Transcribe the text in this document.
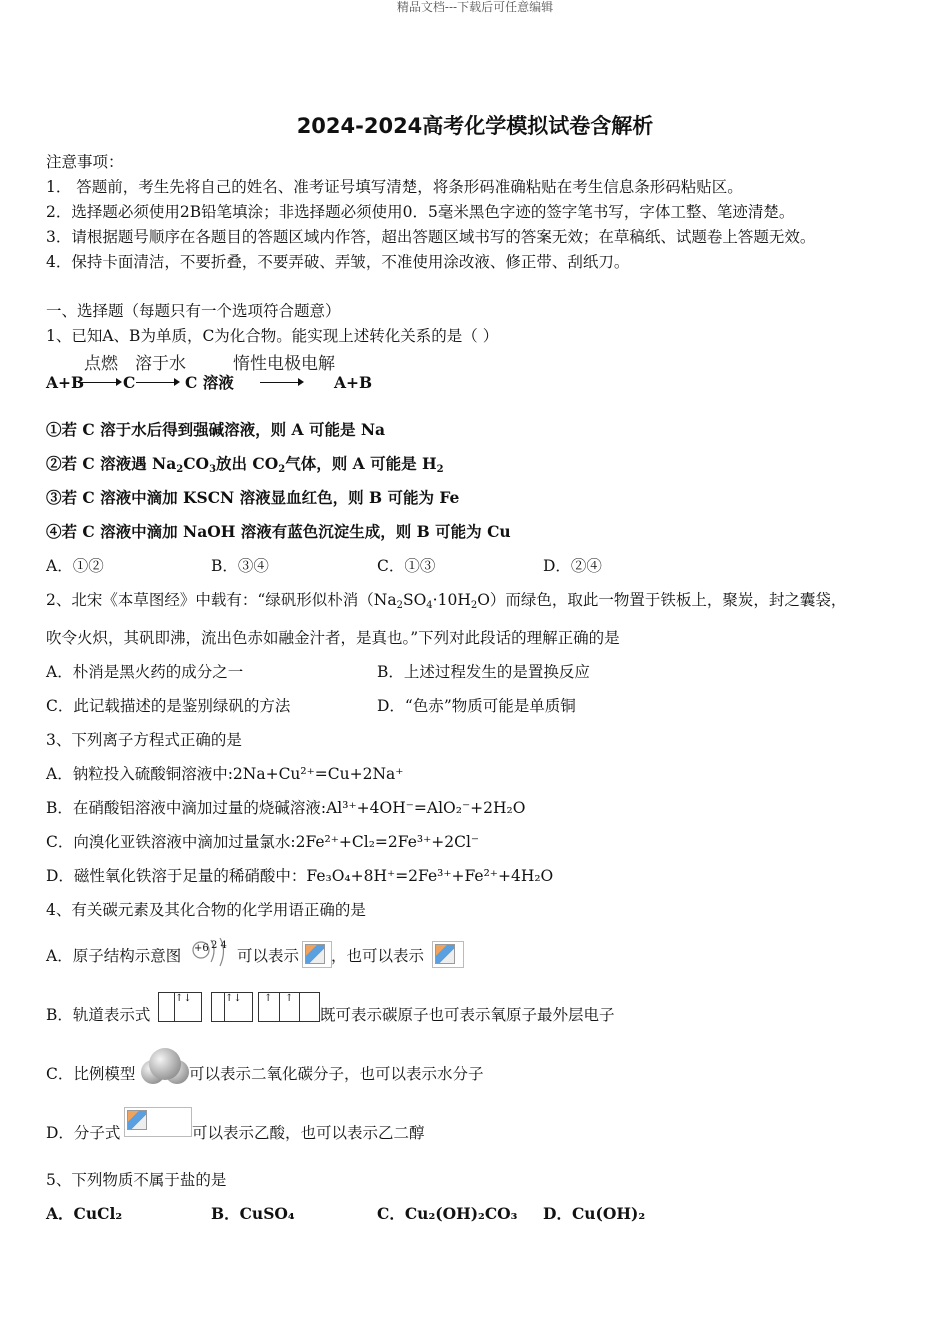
精品文档---下载后可任意编辑
2024-2024高考化学模拟试卷含解析
注意事项：
1． 答题前，考生先将自己的姓名、准考证号填写清楚，将条形码准确粘贴在考生信息条形码粘贴区。
2．选择题必须使用2B铅笔填涂；非选择题必须使用0．5毫米黑色字迹的签字笔书写，字体工整、笔迹清楚。
3．请根据题号顺序在各题目的答题区域内作答，超出答题区域书写的答案无效；在草稿纸、试题卷上答题无效。
4．保持卡面清洁，不要折叠，不要弄破、弄皱，不准使用涂改液、修正带、刮纸刀。
一、选择题（每题只有一个选项符合题意）
1、已知A、B为单质，C为化合物。能实现上述转化关系的是（ ）
点燃 溶于水	惰性电极电解
A+B	C	C 溶液	A+B
①若 C 溶于水后得到强碱溶液，则 A 可能是 Na
②若 C 溶液遇 $Na_2CO_3$放出 $CO_2$气体，则 A 可能是 $H_2$
③若 C 溶液中滴加 KSCN 溶液显血红色，则 B 可能为 Fe
④若 C 溶液中滴加 NaOH 溶液有蓝色沉淀生成，则 B 可能为 Cu
A．①②	B．③④	C．①③	D．②④
2、北宋《本草图经》中载有：“绿矾形似朴消$(Na_2SO_4\cdot 10H_2O)$而绿色，取此一物置于铁板上，聚炭，封之囊袋，
吹令火炽，其矾即沸，流出色赤如融金汁者，是真也。”下列对此段话的理解正确的是
A．朴消是黑火药的成分之一	B．上述过程发生的是置换反应
C．此记载描述的是鉴别绿矾的方法	D．“色赤”物质可能是单质铜
3、下列离子方程式正确的是
A．钠粒投入硫酸铜溶液中:2Na+Cu²⁺=Cu+2Na⁺
B．在硝酸铝溶液中滴加过量的烧碱溶液:Al³⁺+4OH⁻=AlO₂⁻+2H₂O
C．向溴化亚铁溶液中滴加过量氯水:2Fe²⁺+Cl₂=2Fe³⁺+2Cl⁻
D．磁性氧化铁溶于足量的稀硝酸中：Fe₃O₄+8H⁺=2Fe³⁺+Fe²⁺+4H₂O
4、有关碳元素及其化合物的化学用语正确的是
A．原子结构示意图 +6 2 4
可以表示 ，也可以表示
B．轨道表示式
↑↓	↑↓ ↑ ↑
既可表示碳原子也可表示氧原子最外层电子
C．比例模型	可以表示二氧化碳分子，也可以表示水分子
D．分子式	可以表示乙酸，也可以表示乙二醇
5、下列物质不属于盐的是
A．CuCl₂	B．CuSO₄	C．Cu₂(OH)₂CO₃ D．Cu(OH)₂
